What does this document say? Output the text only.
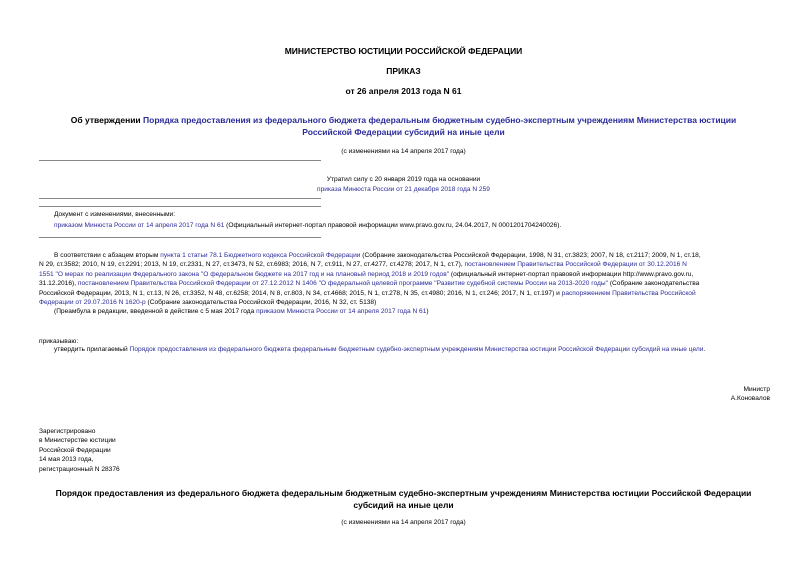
МИНИСТЕРСТВО ЮСТИЦИИ РОССИЙСКОЙ ФЕДЕРАЦИИ
ПРИКАЗ
от 26 апреля 2013 года N 61
Об утверждении Порядка предоставления из федерального бюджета федеральным бюджетным судебно-экспертным учреждениям Министерства юстиции
Российской Федерации субсидий на иные цели
(с изменениями на 14 апреля 2017 года)
Утратил силу с 20 января 2019 года на основании
приказа Минюста России от 21 декабря 2018 года N 259
Документ с изменениями, внесенными:
приказом Минюста России от 14 апреля 2017 года N 61 (Официальный интернет-портал правовой информации www.pravo.gov.ru, 24.04.2017, N 0001201704240026).
В соответствии с абзацем вторым пункта 1 статьи 78.1 Бюджетного кодекса Российской Федерации (Собрание законодательства Российской Федерации, 1998, N 31, ст.3823; 2007, N 18, ст.2117; 2009, N 1, ст.18,
N 29, ст.3582; 2010, N 19, ст.2291; 2013, N 19, ст.2331, N 27, ст.3473, N 52, ст.6983; 2016, N 7, ст.911, N 27, ст.4277, ст.4278; 2017, N 1, ст.7), постановлением Правительства Российской Федерации от 30.12.2016 N
1551 "О мерах по реализации Федерального закона "О федеральном бюджете на 2017 год и на плановый период 2018 и 2019 годов" (официальный интернет-портал правовой информации http://www.pravo.gov.ru,
31.12.2016), постановлением Правительства Российской Федерации от 27.12.2012 N 1406 "О федеральной целевой программе "Развитие судебной системы России на 2013-2020 годы" (Собрание законодательства
Российской Федерации, 2013, N 1, ст.13, N 26, ст.3352, N 48, ст.6258; 2014, N 8, ст.803, N 34, ст.4668; 2015, N 1, ст.278, N 35, ст.4980; 2016, N 1, ст.246; 2017, N 1, ст.197) и распоряжением Правительства Российской
Федерации от 29.07.2016 N 1620-р (Собрание законодательства Российской Федерации, 2016, N 32, ст. 5138)
(Преамбула в редакции, введенной в действие с 5 мая 2017 года приказом Минюста России от 14 апреля 2017 года N 61)
приказываю:
утвердить прилагаемый Порядок предоставления из федерального бюджета федеральным бюджетным судебно-экспертным учреждениям Министерства юстиции Российской Федерации субсидий на иные цели.
Министр
А.Коновалов
Зарегистрировано
в Министерстве юстиции
Российской Федерации
14 мая 2013 года,
регистрационный N 28376
Порядок предоставления из федерального бюджета федеральным бюджетным судебно-экспертным учреждениям Министерства юстиции Российской Федерации
субсидий на иные цели
(с изменениями на 14 апреля 2017 года)
